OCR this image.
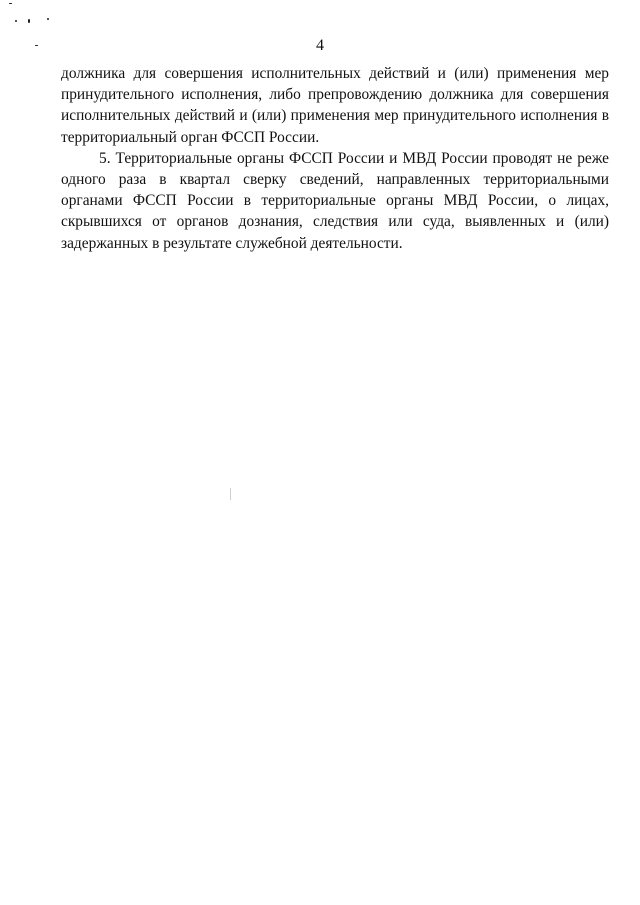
4

должника для совершения исполнительных действий и (или) применения мер принудительного исполнения, либо препровождению должника для совершения исполнительных действий и (или) применения мер принудительного исполнения в территориальный орган ФССП России.

5. Территориальные органы ФССП России и МВД России проводят не реже одного раза в квартал сверку сведений, направленных территориальными органами ФССП России в территориальные органы МВД России, о лицах, скрывшихся от органов дознания, следствия или суда, выявленных и (или) задержанных в результате служебной деятельности.
